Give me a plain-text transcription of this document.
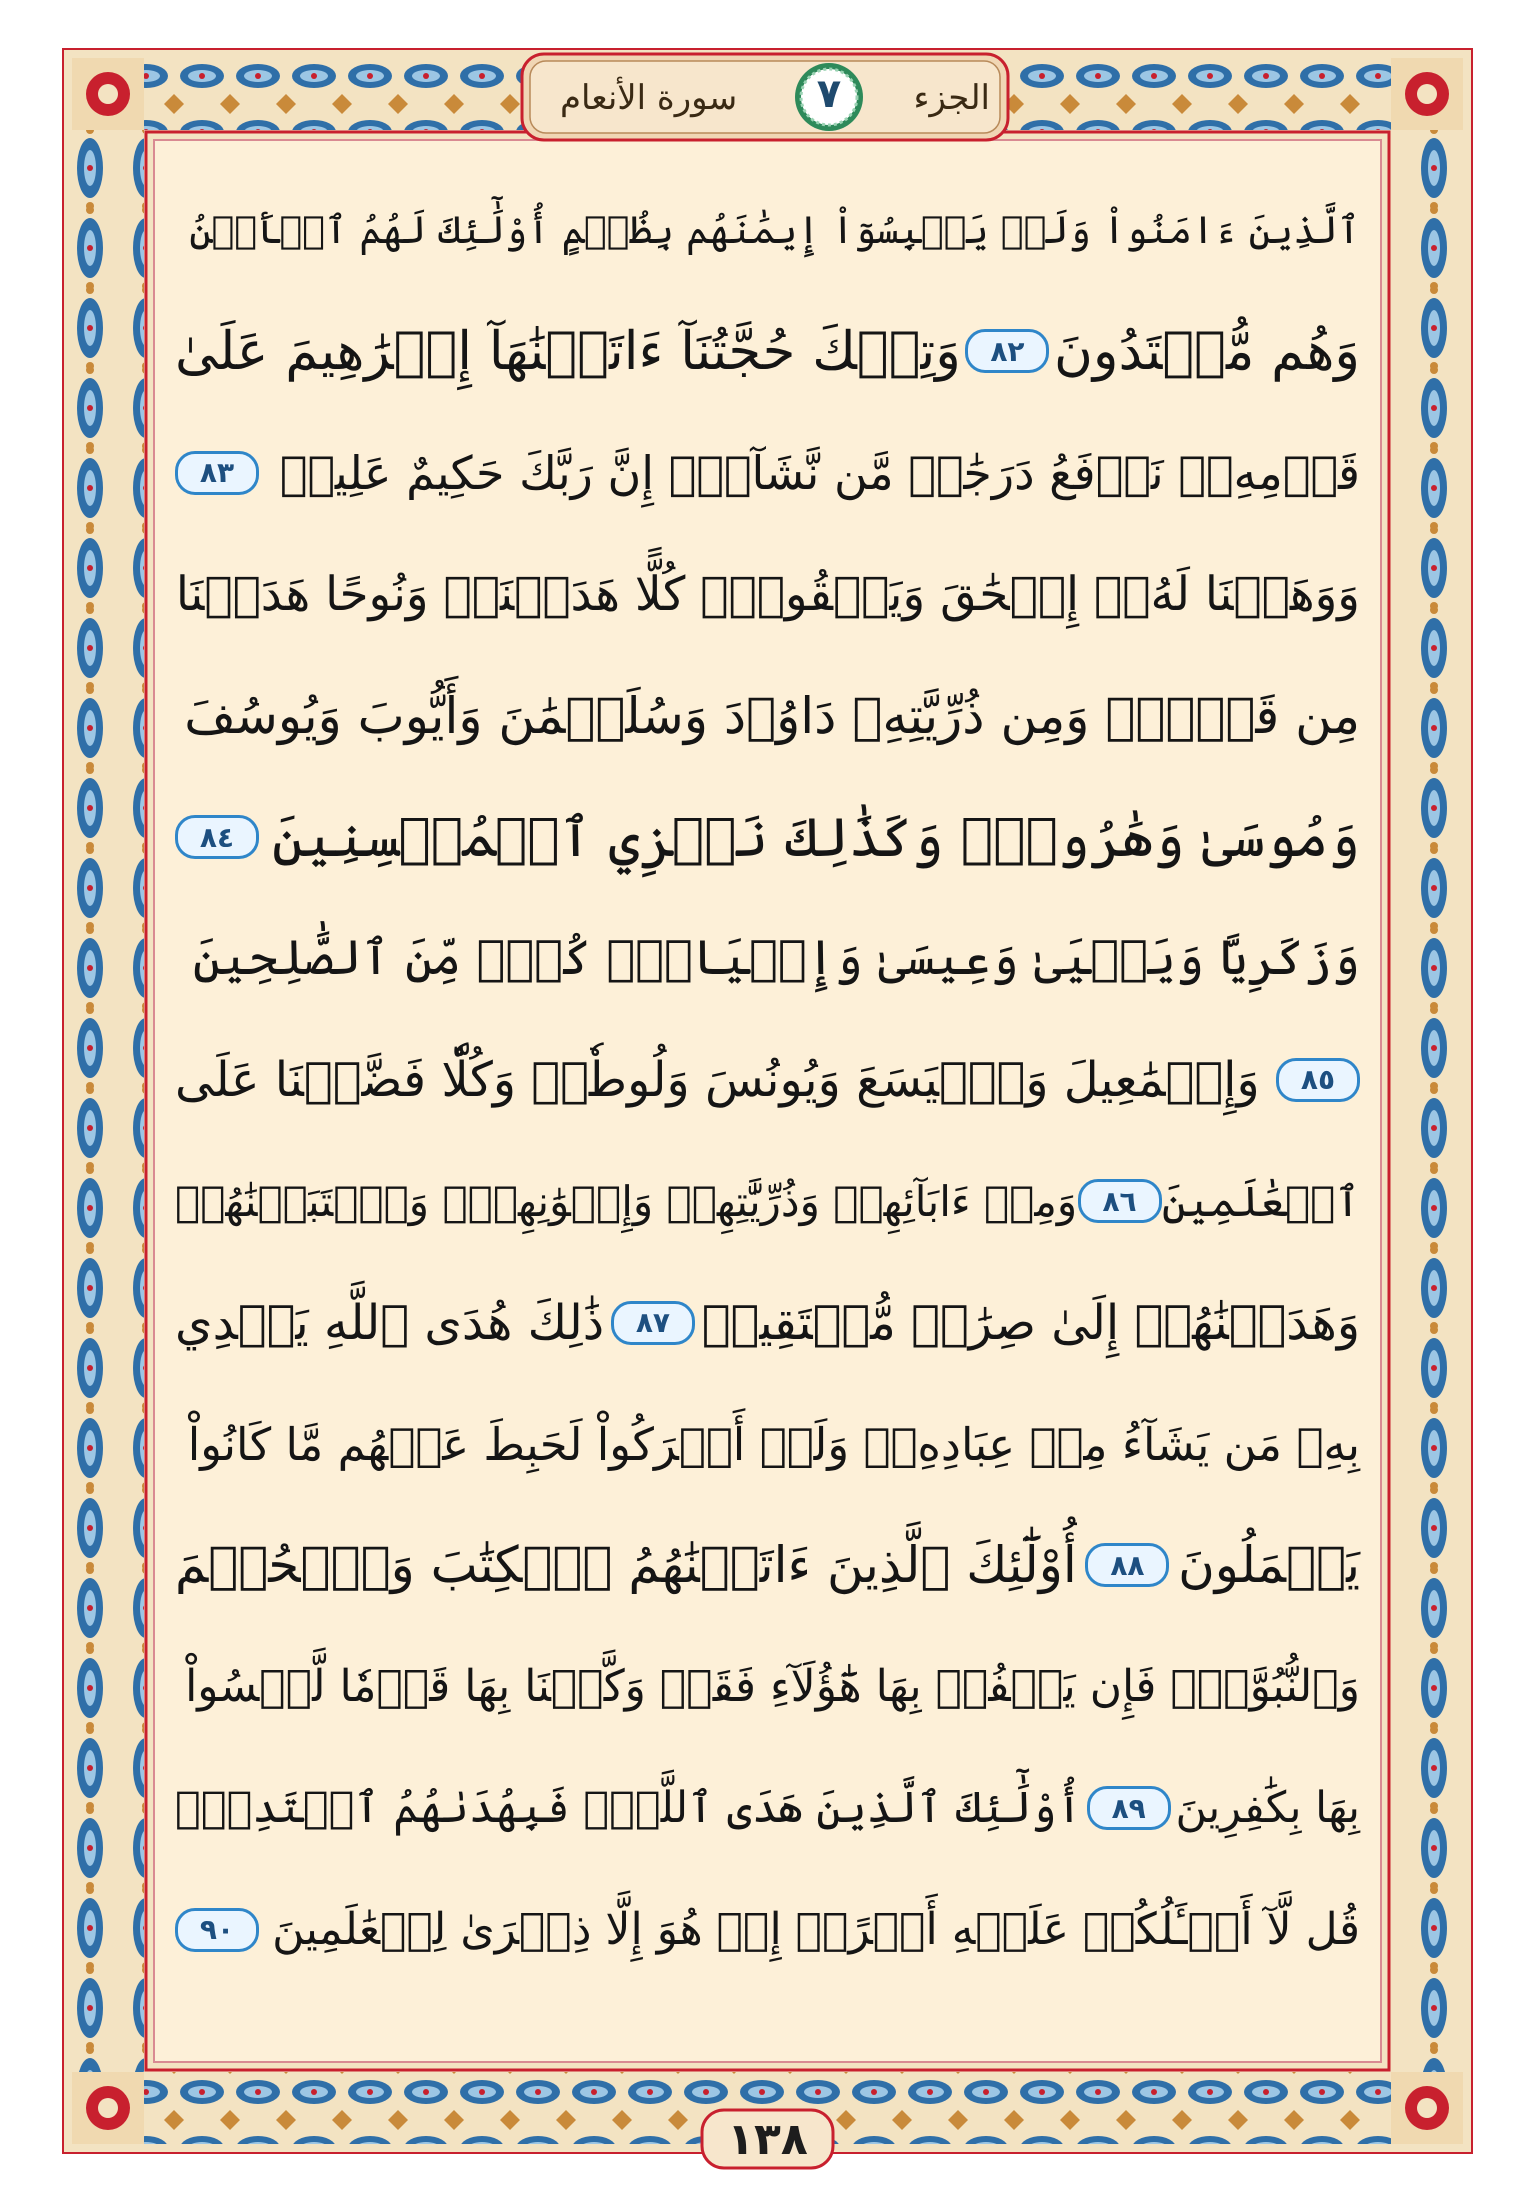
الجزء
٧
سورة الأنعام
ٱلَّذِينَ ءَامَنُواْ وَلَمۡ يَلۡبِسُوٓاْ إِيمَٰنَهُم بِظُلۡمٍ أُوْلَٰٓئِكَ لَهُمُ ٱلۡأَمۡنُ
وَهُم مُّهۡتَدُونَ
٨٢
وَتِلۡكَ حُجَّتُنَآ ءَاتَيۡنَٰهَآ إِبۡرَٰهِيمَ عَلَىٰ
قَوۡمِهِۦۚ نَرۡفَعُ دَرَجَٰتٖ مَّن نَّشَآءُۗ إِنَّ رَبَّكَ حَكِيمٌ عَلِيمٞ
٨٣
وَوَهَبۡنَا لَهُۥٓ إِسۡحَٰقَ وَيَعۡقُوبَۚ كُلًّا هَدَيۡنَاۚ وَنُوحًا هَدَيۡنَا
مِن قَبۡلُۖ وَمِن ذُرِّيَّتِهِۦ دَاوُۥدَ وَسُلَيۡمَٰنَ وَأَيُّوبَ وَيُوسُفَ
وَمُوسَىٰ وَهَٰرُونَۚ وَكَذَٰلِكَ نَجۡزِي ٱلۡمُحۡسِنِينَ
٨٤
وَزَكَرِيَّا وَيَحۡيَىٰ وَعِيسَىٰ وَإِلۡيَاسَۖ كُلّٞ مِّنَ ٱلصَّٰلِحِينَ
٨٥
وَإِسۡمَٰعِيلَ وَٱلۡيَسَعَ وَيُونُسَ وَلُوطٗاۚ وَكُلّٗا فَضَّلۡنَا عَلَى
ٱلۡعَٰلَمِينَ
٨٦
وَمِنۡ ءَابَآئِهِمۡ وَذُرِّيَّٰتِهِمۡ وَإِخۡوَٰنِهِمۡۖ وَٱجۡتَبَيۡنَٰهُمۡ
وَهَدَيۡنَٰهُمۡ إِلَىٰ صِرَٰطٖ مُّسۡتَقِيمٖ
٨٧
ذَٰلِكَ هُدَى ٱللَّهِ يَهۡدِي
بِهِۦ مَن يَشَآءُ مِنۡ عِبَادِهِۦۚ وَلَوۡ أَشۡرَكُواْ لَحَبِطَ عَنۡهُم مَّا كَانُواْ
يَعۡمَلُونَ
٨٨
أُوْلَٰٓئِكَ ٱلَّذِينَ ءَاتَيۡنَٰهُمُ ٱلۡكِتَٰبَ وَٱلۡحُكۡمَ
وَٱلنُّبُوَّةَۚ فَإِن يَكۡفُرۡ بِهَا هَٰٓؤُلَآءِ فَقَدۡ وَكَّلۡنَا بِهَا قَوۡمٗا لَّيۡسُواْ
بِهَا بِكَٰفِرِينَ
٨٩
أُوْلَٰٓئِكَ ٱلَّذِينَ هَدَى ٱللَّهُۖ فَبِهُدَىٰهُمُ ٱقۡتَدِهۡۗ
قُل لَّآ أَسۡـَٔلُكُمۡ عَلَيۡهِ أَجۡرًاۖ إِنۡ هُوَ إِلَّا ذِكۡرَىٰ لِلۡعَٰلَمِينَ
٩٠
١٣٨
